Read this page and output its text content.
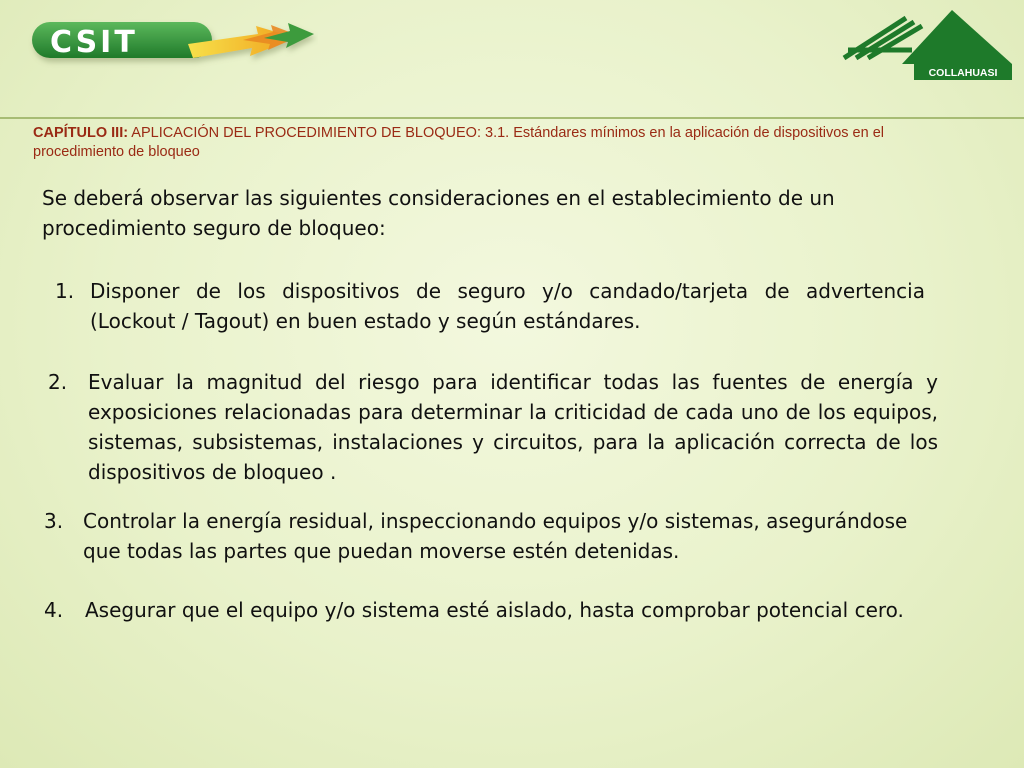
CSIT
COLLAHUASI
CAPÍTULO III: APLICACIÓN DEL PROCEDIMIENTO DE BLOQUEO: 3.1. Estándares mínimos en la aplicación de dispositivos en el procedimiento de bloqueo
Se deberá observar las siguientes consideraciones en el establecimiento de un procedimiento seguro de bloqueo:
1. Disponer de los dispositivos de seguro y/o candado/tarjeta de advertencia (Lockout / Tagout) en buen estado y según estándares.
2. Evaluar la magnitud del riesgo para identificar todas las fuentes de energía y exposiciones relacionadas para determinar la criticidad de cada uno de los equipos, sistemas, subsistemas, instalaciones y circuitos, para la aplicación correcta de los dispositivos de bloqueo .
3. Controlar la energía residual, inspeccionando equipos y/o sistemas, asegurándose que todas las partes que puedan moverse estén detenidas.
4. Asegurar que el equipo y/o sistema esté aislado, hasta comprobar potencial cero.
